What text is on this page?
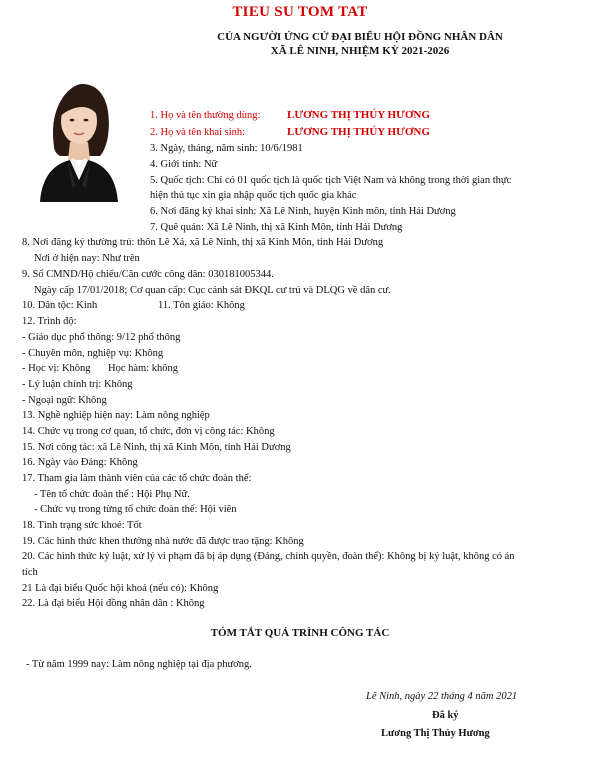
TIEU SU TOM TAT
CỦA NGƯỜI ỨNG CỬ ĐẠI BIỂU HỘI ĐỒNG NHÂN DÂN
XÃ LÊ NINH, NHIỆM KỲ 2021-2026
1. Họ và tên thường dùng: LƯƠNG THỊ THÚY HƯƠNG
2. Họ và tên khai sinh:	LƯƠNG THỊ THÚY HƯƠNG
3. Ngày, tháng, năm sinh: 10/6/1981
4. Giới tính: Nữ
5. Quốc tịch: Chỉ có 01 quốc tịch là quốc tịch Việt Nam và không trong thời gian thực
hiện thủ tục xin gia nhập quốc tịch quốc gia khác
6. Nơi đăng ký khai sinh: Xã Lê Ninh, huyện Kinh môn, tỉnh Hải Dương
7. Quê quán: Xã Lê Ninh, thị xã Kinh Môn, tỉnh Hải Dương
8. Nơi đăng ký thường trú: thôn Lê Xá, xã Lê Ninh, thị xã Kinh Môn, tỉnh Hải Dương
Nơi ở hiện nay: Như trên
9. Số CMND/Hộ chiếu/Căn cước công dân: 030181005344.
Ngày cấp 17/01/2018; Cơ quan cấp: Cục cảnh sát ĐKQL cư trú và DLQG về dân cư.
10. Dân tộc: Kinh	11. Tôn giáo: Không
12. Trình độ:
- Giáo dục phổ thông: 9/12 phổ thông
- Chuyên môn, nghiệp vụ: Không
- Học vị: Không Học hàm: không
- Lý luận chính trị: Không
- Ngoại ngữ: Không
13. Nghề nghiệp hiện nay: Làm nông nghiệp
14. Chức vụ trong cơ quan, tổ chức, đơn vị công tác: Không
15. Nơi công tác: xã Lê Ninh, thị xã Kinh Môn, tỉnh Hải Dương
16. Ngày vào Đảng: Không
17. Tham gia làm thành viên của các tổ chức đoàn thể:
- Tên tổ chức đoàn thể : Hội Phụ Nữ.
- Chức vụ trong từng tổ chức đoàn thể: Hội viên
18. Tình trạng sức khoẻ: Tốt
19. Các hình thức khen thưởng nhà nước đã được trao tặng: Không
20. Các hình thức kỷ luật, xử lý vi phạm đã bị áp dụng (Đảng, chính quyền, đoàn thể): Không bị kỷ luật, không có án
tích
21 Là đại biểu Quốc hội khoá (nếu có): Không
22. Là đại biểu Hội đồng nhân dân : Không
TÓM TẮT QUÁ TRÌNH CÔNG TÁC
- Từ năm 1999 nay: Làm nông nghiệp tại địa phương.
Lê Ninh, ngày 22 tháng 4 năm 2021
Đã ký
Lương Thị Thủy Hương
